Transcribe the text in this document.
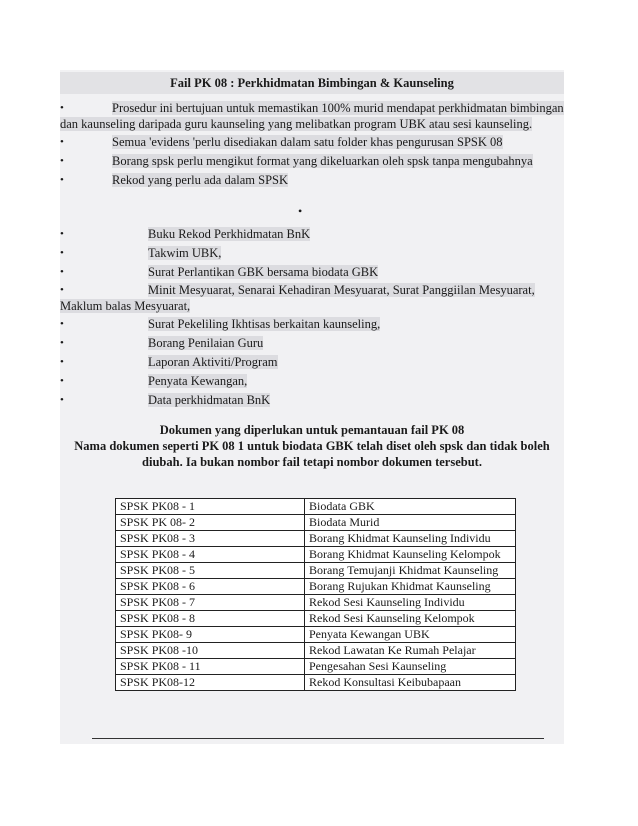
Fail PK 08 : Perkhidmatan Bimbingan & Kaunseling
•	Prosedur ini bertujuan untuk memastikan 100% murid mendapat perkhidmatan bimbingan
dan kaunseling daripada guru kaunseling yang melibatkan program UBK atau sesi kaunseling.
•	Semua 'evidens 'perlu disediakan dalam satu folder khas pengurusan SPSK 08
•	Borang spsk perlu mengikut format yang dikeluarkan oleh spsk tanpa mengubahnya
•	Rekod yang perlu ada dalam SPSK
•
•	Buku Rekod Perkhidmatan BnK
•	Takwim UBK,
•	Surat Perlantikan GBK bersama biodata GBK
•	Minit Mesyuarat, Senarai Kehadiran Mesyuarat, Surat Panggiilan Mesyuarat,
Maklum balas Mesyuarat,
•	Surat Pekeliling Ikhtisas berkaitan kaunseling,
•	Borang Penilaian Guru
•	Laporan Aktiviti/Program
•	Penyata Kewangan,
•	Data perkhidmatan BnK
Dokumen yang diperlukan untuk pemantauan fail PK 08
Nama dokumen seperti PK 08 1 untuk biodata GBK telah diset oleh spsk dan tidak boleh
diubah. Ia bukan nombor fail tetapi nombor dokumen tersebut.
SPSK PK08 - 1	Biodata GBK
SPSK PK 08- 2	Biodata Murid
SPSK PK08 - 3	Borang Khidmat Kaunseling Individu
SPSK PK08 - 4	Borang Khidmat Kaunseling Kelompok
SPSK PK08 - 5	Borang Temujanji Khidmat Kaunseling
SPSK PK08 - 6	Borang Rujukan Khidmat Kaunseling
SPSK PK08 - 7	Rekod Sesi Kaunseling Individu
SPSK PK08 - 8	Rekod Sesi Kaunseling Kelompok
SPSK PK08- 9	Penyata Kewangan UBK
SPSK PK08 -10	Rekod Lawatan Ke Rumah Pelajar
SPSK PK08 - 11	Pengesahan Sesi Kaunseling
SPSK PK08-12	Rekod Konsultasi Keibubapaan
